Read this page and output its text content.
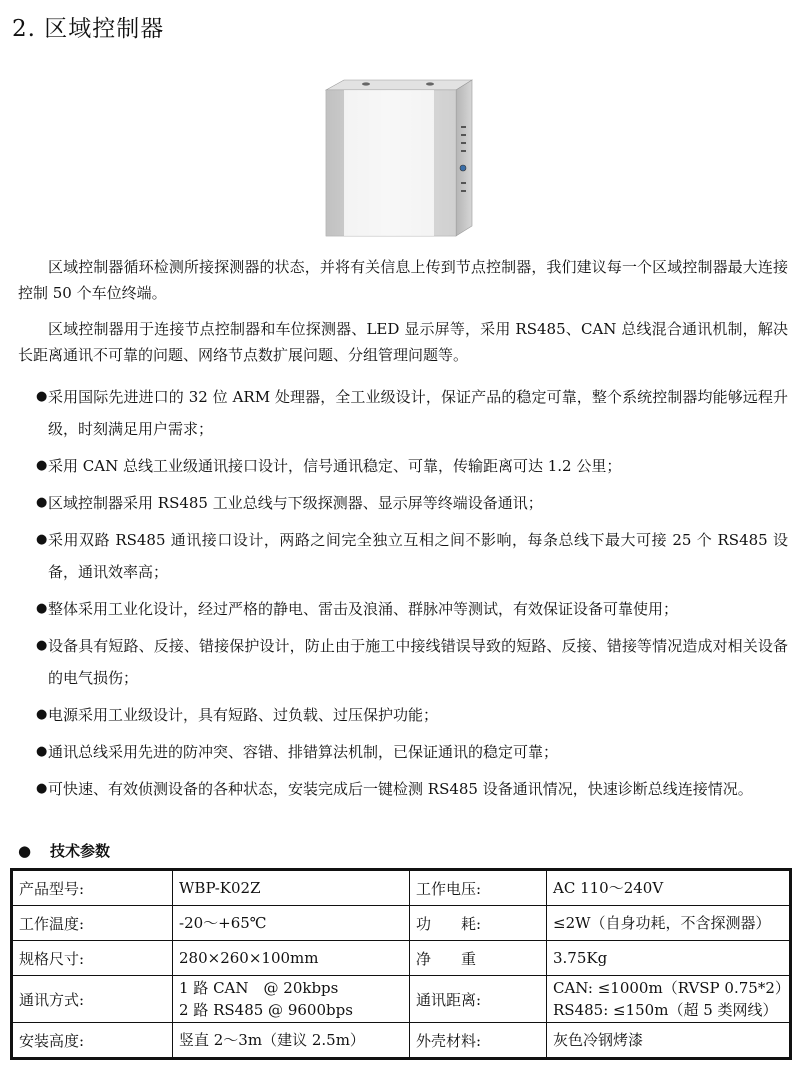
2. 区域控制器
区域控制器循环检测所接探测器的状态，并将有关信息上传到节点控制器，我们建议每一个区域控制器最大连接控制 50 个车位终端。
区域控制器用于连接节点控制器和车位探测器、LED 显示屏等，采用 RS485、CAN 总线混合通讯机制，解决长距离通讯不可靠的问题、网络节点数扩展问题、分组管理问题等。
● 采用国际先进进口的 32 位 ARM 处理器，全工业级设计，保证产品的稳定可靠，整个系统控制器均能够远程升级，时刻满足用户需求；
● 采用 CAN 总线工业级通讯接口设计，信号通讯稳定、可靠，传输距离可达 1.2 公里；
● 区域控制器采用 RS485 工业总线与下级探测器、显示屏等终端设备通讯；
● 采用双路 RS485 通讯接口设计，两路之间完全独立互相之间不影响，每条总线下最大可接 25 个 RS485 设备，通讯效率高；
● 整体采用工业化设计，经过严格的静电、雷击及浪涌、群脉冲等测试，有效保证设备可靠使用；
● 设备具有短路、反接、错接保护设计，防止由于施工中接线错误导致的短路、反接、错接等情况造成对相关设备的电气损伤；
● 电源采用工业级设计，具有短路、过负载、过压保护功能；
● 通讯总线采用先进的防冲突、容错、排错算法机制，已保证通讯的稳定可靠；
● 可快速、有效侦测设备的各种状态，安装完成后一键检测 RS485 设备通讯情况，快速诊断总线连接情况。
● 技术参数
产品型号:	WBP-K02Z	工作电压:	AC 110～240V

工作温度:	-20～+65℃	功　　耗:	≤2W（自身功耗，不含探测器）

规格尺寸:	280×260×100mm	净　　重	3.75Kg

通讯方式:	1 路 CAN　@ 20kbps
2 路 RS485 @ 9600bps	通讯距离:	CAN: ≤1000m（RVSP 0.75*2）
RS485: ≤150m（超 5 类网线）

安装高度:	竖直 2～3m（建议 2.5m）	外壳材料:	灰色冷钢烤漆
